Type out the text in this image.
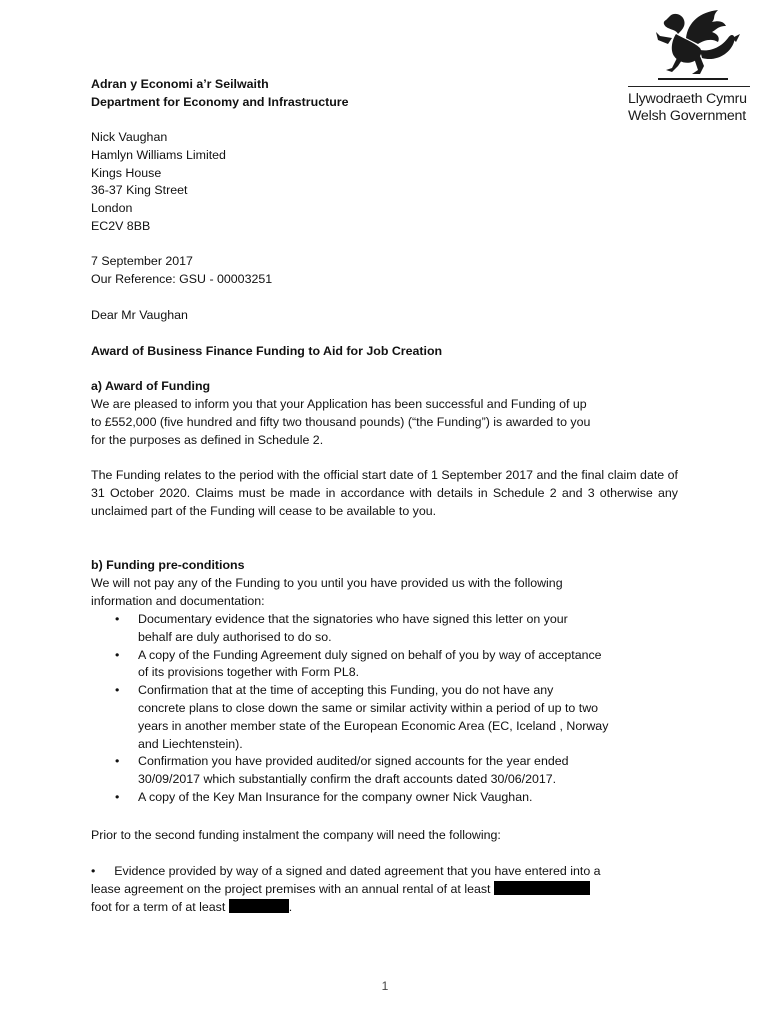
Llywodraeth Cymru
Welsh Government
Adran y Economi a’r Seilwaith
Department for Economy and Infrastructure
Nick Vaughan
Hamlyn Williams Limited
Kings House
36-37 King Street
London
EC2V 8BB
7 September 2017
Our Reference: GSU - 00003251
Dear Mr Vaughan
Award of Business Finance Funding to Aid for Job Creation
a) Award of Funding
We are pleased to inform you that your Application has been successful and Funding of up
to £552,000 (five hundred and fifty two thousand pounds) (“the Funding”) is awarded to you
for the purposes as defined in Schedule 2.
The Funding relates to the period with the official start date of 1 September 2017 and the final claim date of 31 October 2020. Claims must be made in accordance with details in Schedule 2 and 3 otherwise any unclaimed part of the Funding will cease to be available to you.
b) Funding pre-conditions
We will not pay any of the Funding to you until you have provided us with the following
information and documentation:
• Documentary evidence that the signatories who have signed this letter on your
behalf are duly authorised to do so.
• A copy of the Funding Agreement duly signed on behalf of you by way of acceptance
of its provisions together with Form PL8.
• Confirmation that at the time of accepting this Funding, you do not have any
concrete plans to close down the same or similar activity within a period of up to two
years in another member state of the European Economic Area (EC, Iceland , Norway
and Liechtenstein).
• Confirmation you have provided audited/or signed accounts for the year ended
30/09/2017 which substantially confirm the draft accounts dated 30/06/2017.
• A copy of the Key Man Insurance for the company owner Nick Vaughan.
Prior to the second funding instalment the company will need the following:
• Evidence provided by way of a signed and dated agreement that you have entered into a
lease agreement on the project premises with an annual rental of at least
foot for a term of at least	.
1
